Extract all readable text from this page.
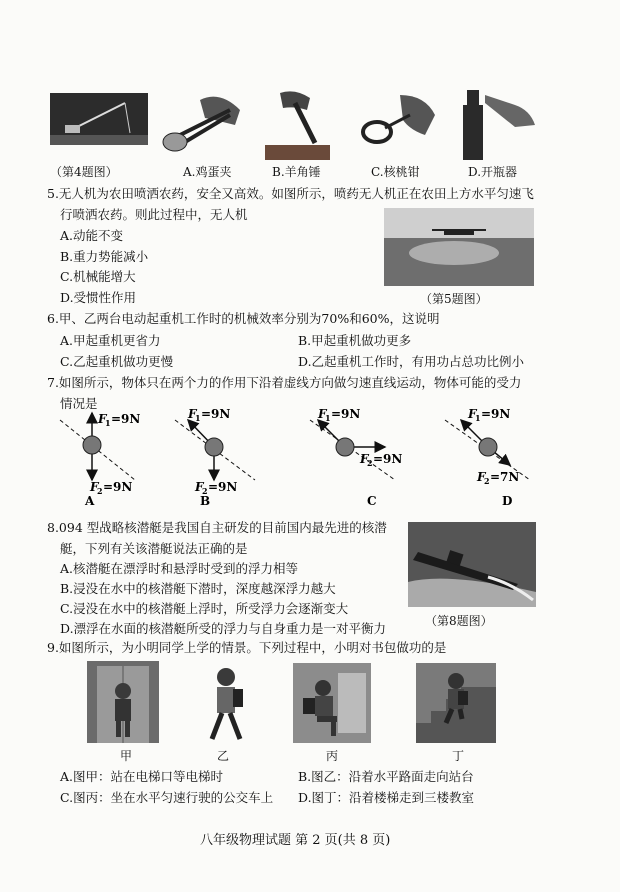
（第4题图）	A.鸡蛋夹	B.羊角锤	C.核桃钳	D.开瓶器
5.无人机为农田喷洒农药，安全又高效。如图所示，喷药无人机正在农田上方水平匀速飞
行喷洒农药。则此过程中，无人机
A.动能不变
B.重力势能减小
C.机械能增大
D.受惯性作用	（第5题图）
6.甲、乙两台电动起重机工作时的机械效率分别为70%和60%，这说明
A.甲起重机更省力	B.甲起重机做功更多
C.乙起重机做功更慢	D.乙起重机工作时，有用功占总功比例小
7.如图所示，物体只在两个力的作用下沿着虚线方向做匀速直线运动，物体可能的受力
情况是
F
1 =9N
F
2 =9N
A
F
1 =9N
F
2 =9N
B
F
1 =9N
F
2 =9N
C
F
1 =9N
F
2 =7N
D
8.094 型战略核潜艇是我国自主研发的目前国内最先进的核潜
艇，下列有关该潜艇说法正确的是
A.核潜艇在漂浮时和悬浮时受到的浮力相等
B.浸没在水中的核潜艇下潜时，深度越深浮力越大
C.浸没在水中的核潜艇上浮时，所受浮力会逐渐变大
D.漂浮在水面的核潜艇所受的浮力与自身重力是一对平衡力	（第8题图）
9.如图所示，为小明同学上学的情景。下列过程中，小明对书包做功的是
甲	乙	丙	丁
A.图甲：站在电梯口等电梯时	B.图乙：沿着水平路面走向站台
C.图丙：坐在水平匀速行驶的公交车上 D.图丁：沿着楼梯走到三楼教室
八年级物理试题 第 2 页(共 8 页)
